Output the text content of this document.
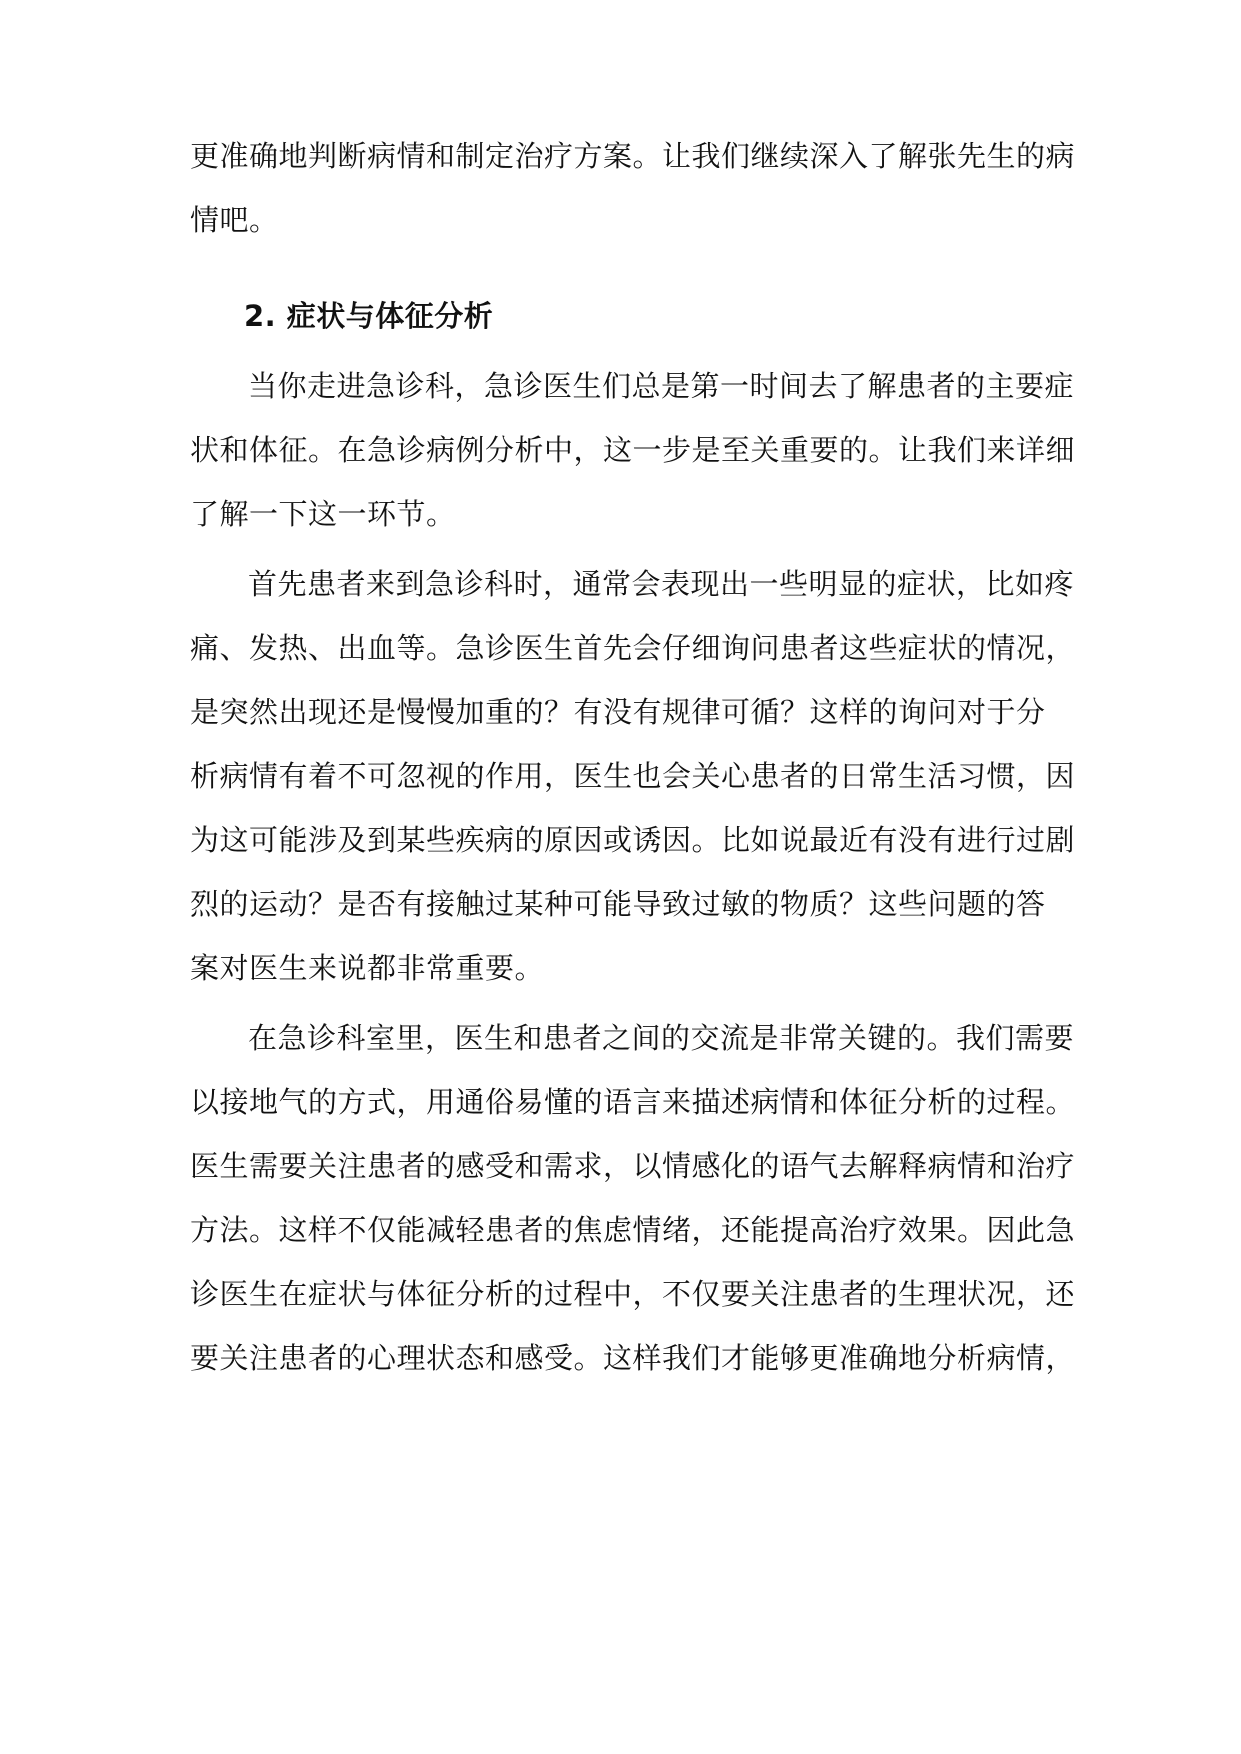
更准确地判断病情和制定治疗方案。让我们继续深入了解张先生的病
情吧。
2. 症状与体征分析
当你走进急诊科，急诊医生们总是第一时间去了解患者的主要症
状和体征。在急诊病例分析中，这一步是至关重要的。让我们来详细
了解一下这一环节。
首先患者来到急诊科时，通常会表现出一些明显的症状，比如疼
痛、发热、出血等。急诊医生首先会仔细询问患者这些症状的情况，
是突然出现还是慢慢加重的？有没有规律可循？这样的询问对于分
析病情有着不可忽视的作用，医生也会关心患者的日常生活习惯，因
为这可能涉及到某些疾病的原因或诱因。比如说最近有没有进行过剧
烈的运动？是否有接触过某种可能导致过敏的物质？这些问题的答
案对医生来说都非常重要。
在急诊科室里，医生和患者之间的交流是非常关键的。我们需要
以接地气的方式，用通俗易懂的语言来描述病情和体征分析的过程。
医生需要关注患者的感受和需求，以情感化的语气去解释病情和治疗
方法。这样不仅能减轻患者的焦虑情绪，还能提高治疗效果。因此急
诊医生在症状与体征分析的过程中，不仅要关注患者的生理状况，还
要关注患者的心理状态和感受。这样我们才能够更准确地分析病情，
